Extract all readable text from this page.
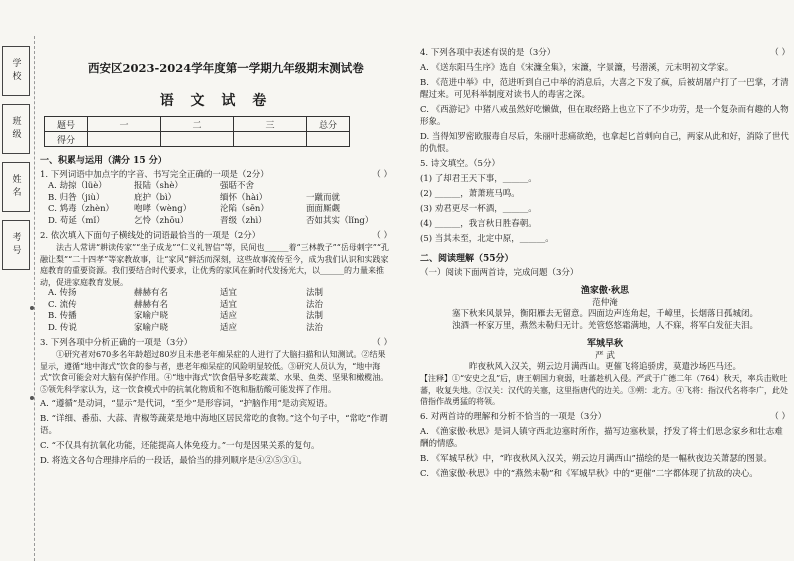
学校
班级
姓名
考号
西安区2023-2024学年度第一学期九年级期末测试卷
语 文 试 卷
题号	一	二	三	总分
得分				
一、积累与运用（满分 15 分）
（ ）
1. 下列词语中加点字的字音、书写完全正确的一项是（2分）
A. 劫掠（lüè）	报陆（shè）	强聒不舍
B. 归咎（jiù）	庇护（bì）	缅怀（hài）	一蹴而就
C. 鸩毒（zhèn）	咆哮（wèng）	沦陷（sēn）	面面厮觑
D. 苟延（mǐ）	乞怜（zhōu）	晋级（zhì）	否如其实（lǐng）
（ ）
2. 依次填入下面句子横线处的词语最恰当的一项是（2分）
法古人常讲“耕读传家”“坐子成龙”“仁义礼智信”等，民间也______着“三林教子”“岳母刺字”“孔融让梨”“二十四孝”等家教故事，让“家风”鲜活而深刻，这些故事流传至今，成为我们认识和实践家庭教育的重要资源。我们要结合时代要求，让优秀的家风在新时代发扬光大，以______的力量来推动，促进家庭教育发展。
A. 传扬	赫赫有名	适宜	法制
C. 流传	赫赫有名	适宜	法治
B. 传播	家喻户晓	适应	法制
D. 传说	家喻户晓	适应	法治
（ ）
3. 下列各项中分析正确的一项是（3分）
①研究者对670多名年龄超过80岁且未患老年痴呆症的人进行了大脑扫描和认知测试。②结果显示，遵循“地中海式”饮食的参与者，患老年痴呆症的风险明显较低。③研究人员认为，“地中海式”饮食可能会对大脑有保护作用。④“地中海式”饮食倡导多吃蔬菜、水果、鱼类、坚果和橄榄油。⑤领先科学家认为，这一饮食模式中的抗氧化物质和不饱和脂肪酸可能发挥了作用。
A. “遵循”是动词，“显示”是代词，“至少”是形容词，“护脑作用”是动宾短语。
B. “详细、番茄、大蒜、青椒等蔬菜是地中海地区居民常吃的食物。”这个句子中，“常吃”作谓语。
C. “不仅具有抗氧化功能，还能提高人体免疫力。”一句是因果关系的复句。
D. 将选文各句合理排序后的一段话，最恰当的排列顺序是④②⑤③①。
（ ）
4. 下列各项中表述有误的是（3分）
A. 《送东阳马生序》选自《宋濂全集》，宋濂，字景濂，号潜溪，元末明初文学家。
B. 《范进中举》中，范进听到自己中举的消息后，大喜之下发了疯，后被胡屠户打了一巴掌，才清醒过来。可见科举制度对读书人的毒害之深。
C. 《西游记》中猪八戒虽然好吃懒做，但在取经路上也立下了不少功劳，是一个复杂而有趣的人物形象。
D. 当得知罗密欧服毒自尽后，朱丽叶悲痛欲绝，也拿起匕首刺向自己，两家从此和好，消除了世代的仇恨。
5. 诗文填空。（5分）
(1) 了却君王天下事，______。
(2) ______，萧萧班马鸣。
(3) 劝君更尽一杯酒，______。
(4) ______，我言秋日胜春朝。
(5) 当其未至，北定中原，______。
二、阅读理解（55分）
（一）阅读下面两首诗，完成问题（3分）
渔家傲·秋思
范仲淹
塞下秋来风景异，衡阳雁去无留意。四面边声连角起，千嶂里，长烟落日孤城闭。
浊酒一杯家万里，燕然未勒归无计。羌管悠悠霜满地，人不寐，将军白发征夫泪。
军城早秋
严 武
昨夜秋风入汉关，朔云边月满西山。更催飞将追骄虏，莫遣沙场匹马还。
【注释】①“安史之乱”后，唐王朝国力衰弱，吐蕃趁机入侵。严武于广德二年（764）秋天，率兵击败吐蕃，收复失地。②汉关：汉代的关塞，这里指唐代的边关。③朔：北方。④飞将：指汉代名将李广，此处借指作战勇猛的将领。
（ ）
6. 对两首诗的理解和分析不恰当的一项是（3分）
A. 《渔家傲·秋思》是词人镇守西北边塞时所作，描写边塞秋景，抒发了将士们思念家乡和壮志难酬的情感。
B. 《军城早秋》中，“昨夜秋风入汉关，朔云边月满西山”描绘的是一幅秋夜边关萧瑟的图景。
C. 《渔家傲·秋思》中的“燕然未勒”和《军城早秋》中的“更催”二字都体现了抗敌的决心。
